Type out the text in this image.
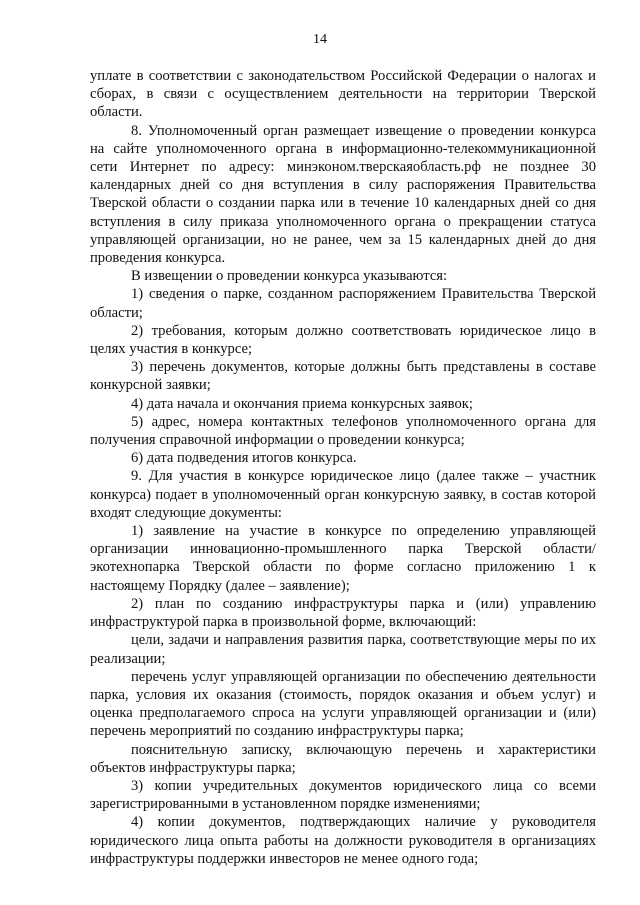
14

уплате в соответствии с законодательством Российской Федерации о налогах и сборах, в связи с осуществлением деятельности на территории Тверской области.

8. Уполномоченный орган размещает извещение о проведении конкурса на сайте уполномоченного органа в информационно-телекоммуникационной сети Интернет по адресу: минэконом.тверскаяобласть.рф не позднее 30 календарных дней со дня вступления в силу распоряжения Правительства Тверской области о создании парка или в течение 10 календарных дней со дня вступления в силу приказа уполномоченного органа о прекращении статуса управляющей организации, но не ранее, чем за 15 календарных дней до дня проведения конкурса.

В извещении о проведении конкурса указываются:

1) сведения о парке, созданном распоряжением Правительства Тверской области;

2) требования, которым должно соответствовать юридическое лицо в целях участия в конкурсе;

3) перечень документов, которые должны быть представлены в составе конкурсной заявки;

4) дата начала и окончания приема конкурсных заявок;

5) адрес, номера контактных телефонов уполномоченного органа для получения справочной информации о проведении конкурса;

6) дата подведения итогов конкурса.

9. Для участия в конкурсе юридическое лицо (далее также – участник конкурса) подает в уполномоченный орган конкурсную заявку, в состав которой входят следующие документы:

1) заявление на участие в конкурсе по определению управляющей организации инновационно-промышленного парка Тверской области/экотехнопарка Тверской области по форме согласно приложению 1 к настоящему Порядку (далее – заявление);

2) план по созданию инфраструктуры парка и (или) управлению инфраструктурой парка в произвольной форме, включающий:

цели, задачи и направления развития парка, соответствующие меры по их реализации;

перечень услуг управляющей организации по обеспечению деятельности парка, условия их оказания (стоимость, порядок оказания и объем услуг) и оценка предполагаемого спроса на услуги управляющей организации и (или) перечень мероприятий по созданию инфраструктуры парка;

пояснительную записку, включающую перечень и характеристики объектов инфраструктуры парка;

3) копии учредительных документов юридического лица со всеми зарегистрированными в установленном порядке изменениями;

4) копии документов, подтверждающих наличие у руководителя юридического лица опыта работы на должности руководителя в организациях инфраструктуры поддержки инвесторов не менее одного года;
